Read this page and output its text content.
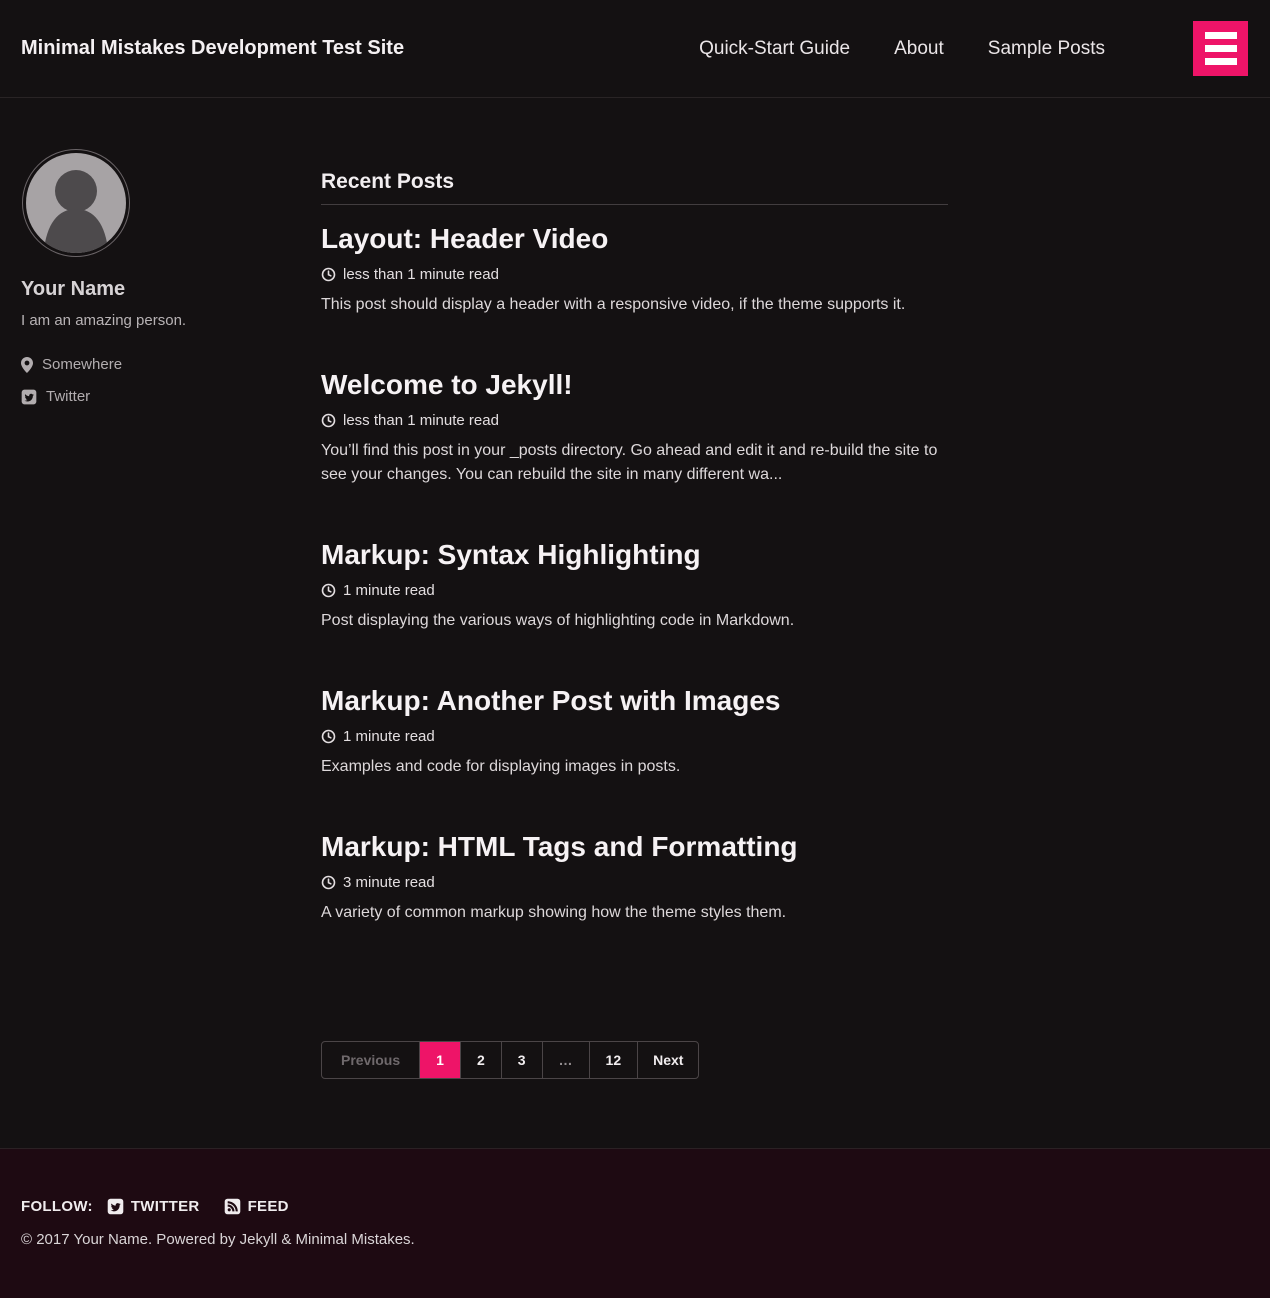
Minimal Mistakes Development Test Site	Quick-Start Guide About Sample Posts
Your Name

I am an amazing person.

Somewhere
Twitter
Recent Posts
Layout: Header Video
less than 1 minute read

This post should display a header with a responsive video, if the theme supports it.

Welcome to Jekyll!
less than 1 minute read

You’ll find this post in your _posts directory. Go ahead and edit it and re-build the site to see your changes. You can rebuild the site in many different wa...

Markup: Syntax Highlighting
1 minute read

Post displaying the various ways of highlighting code in Markdown.

Markup: Another Post with Images
1 minute read

Examples and code for displaying images in posts.

Markup: HTML Tags and Formatting
3 minute read

A variety of common markup showing how the theme styles them.

Previous	1	2	3	…	12	Next
FOLLOW:	TWITTER	FEED

© 2017 Your Name. Powered by Jekyll & Minimal Mistakes.
